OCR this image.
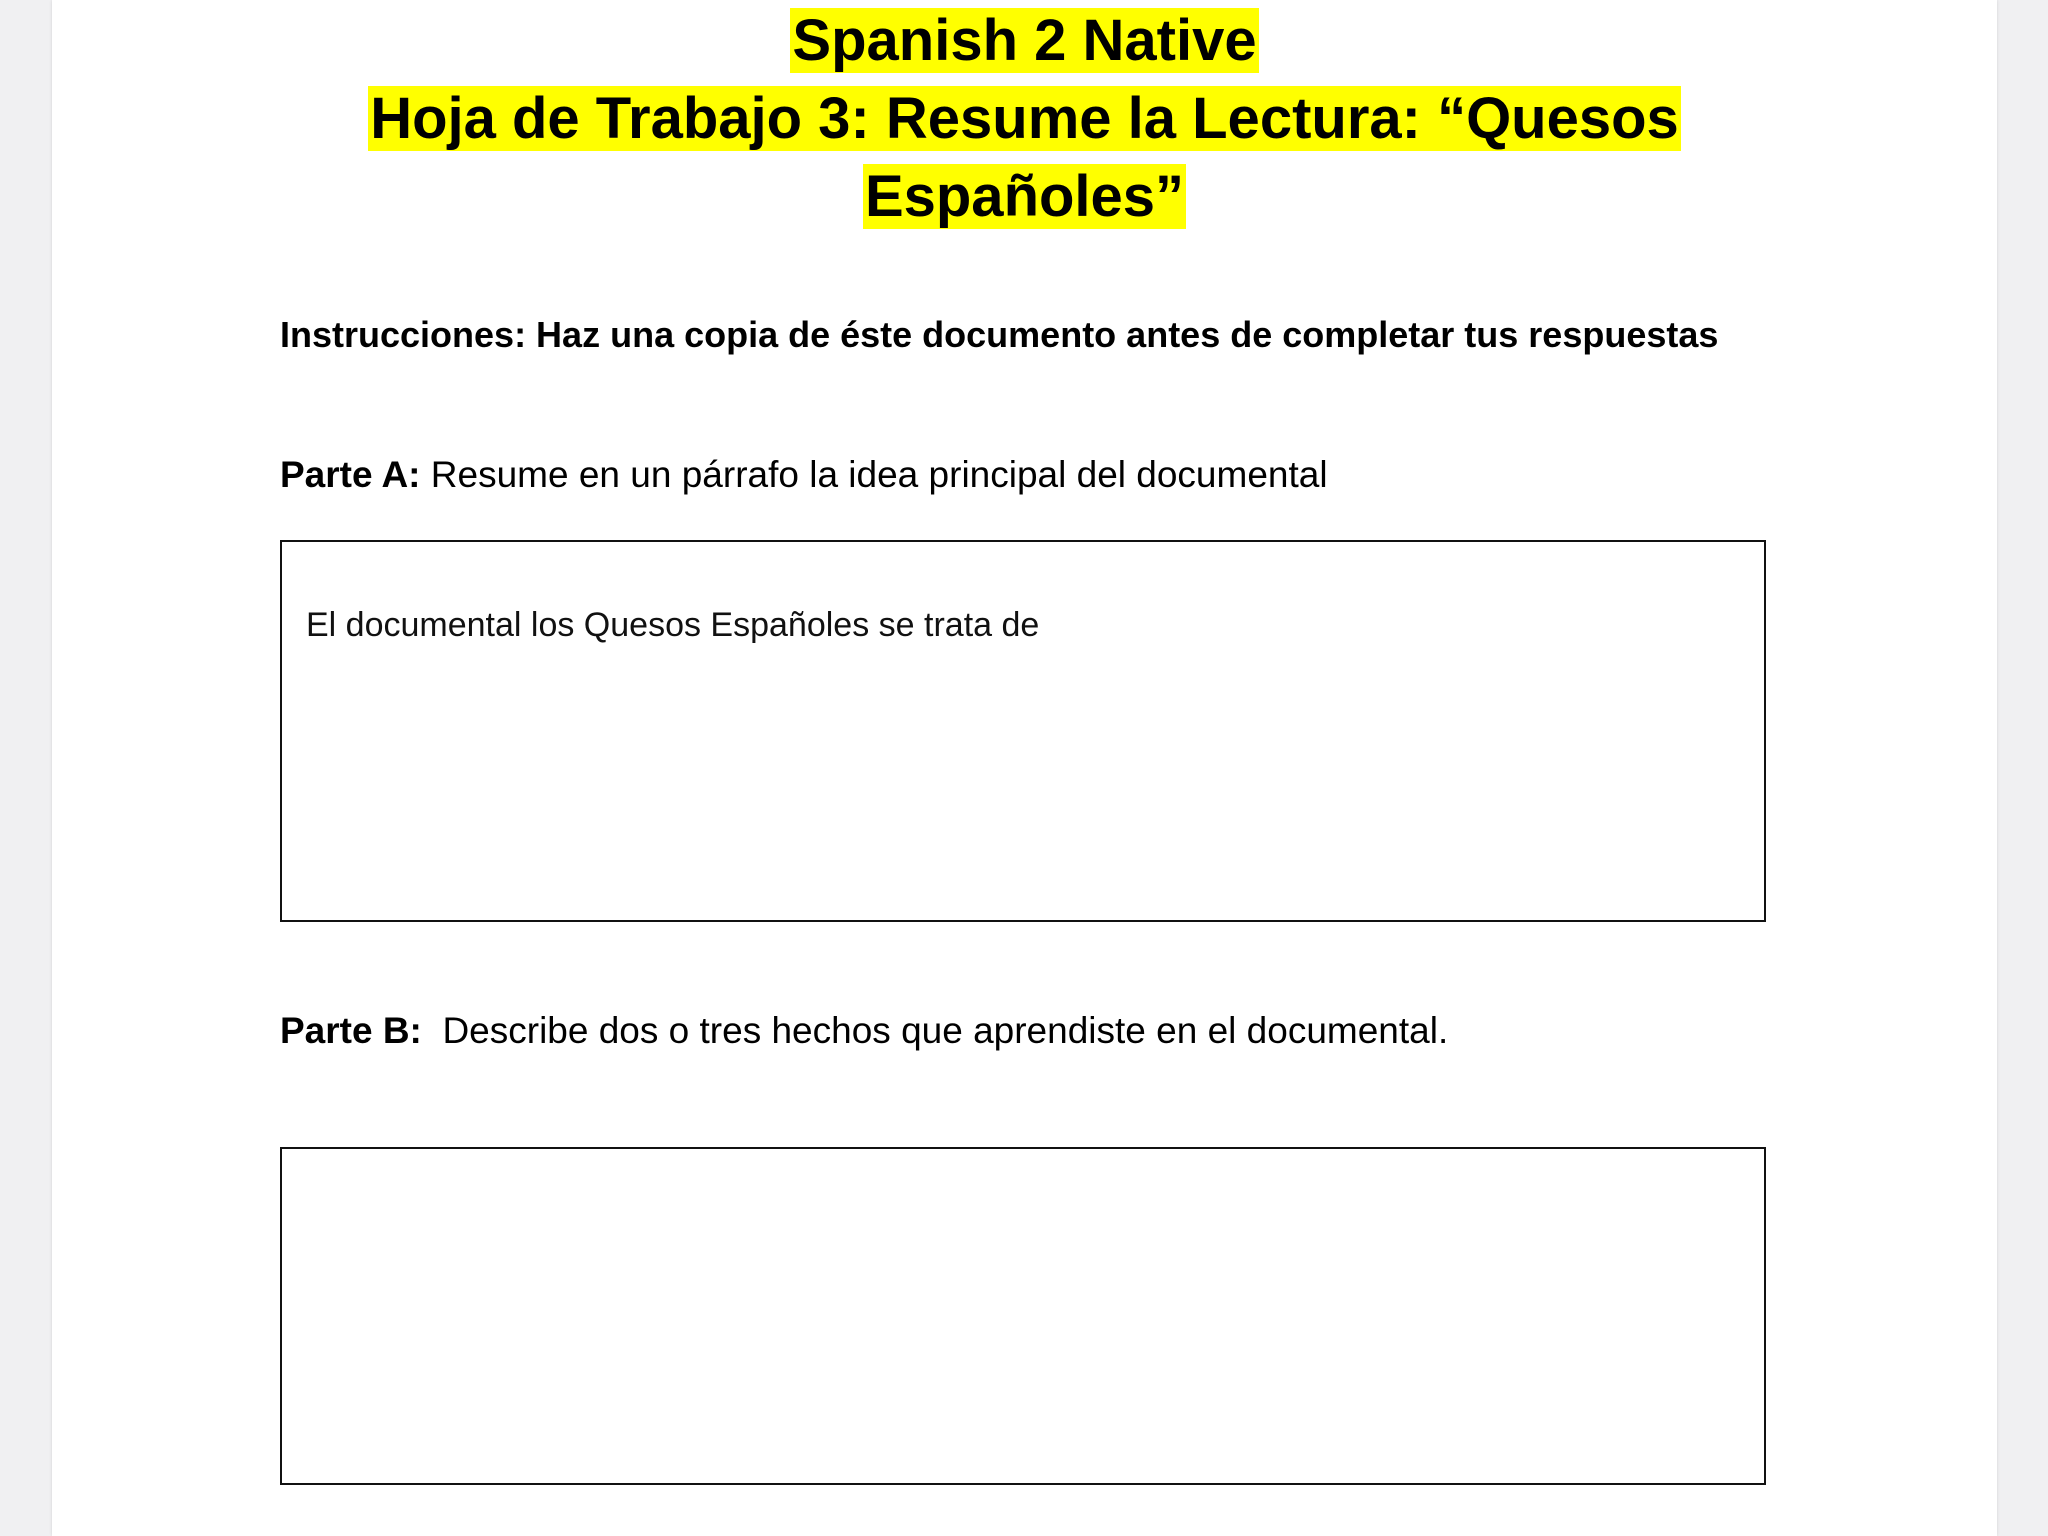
Spanish 2 Native
Hoja de Trabajo 3: Resume la Lectura: “Quesos
Españoles”
Instrucciones: Haz una copia de éste documento antes de completar tus respuestas
Parte A: Resume en un párrafo la idea principal del documental
El documental los Quesos Españoles se trata de
Parte B:  Describe dos o tres hechos que aprendiste en el documental.
